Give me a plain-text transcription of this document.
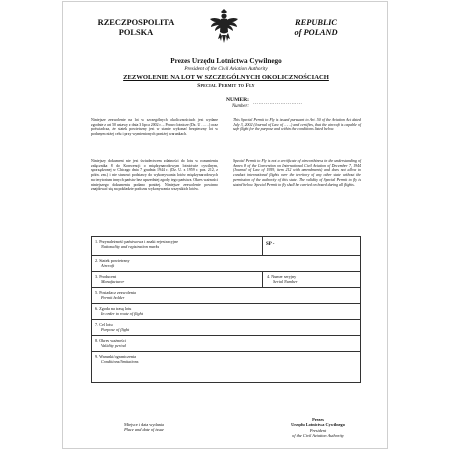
RZECZPOSPOLITA
POLSKA
REPUBLIC
of POLAND
Prezes Urzędu Lotnictwa Cywilnego
President of the Civil Aviation Authority
ZEZWOLENIE NA LOT W SZCZEGÓLNYCH OKOLICZNOŚCIACH
Special Permit to Fly
NUMER:
Number:
………………………
Niniejsze zezwolenie na lot w szczególnych okolicznościach jest wydane zgodnie z art 50 ustawy z dnia 3 lipca 2002 r. – Prawo lotnicze (Dz. U ……) oraz poświadcza, że statek powietrzny jest w stanie wykonać bezpieczny lot w podanym niżej celu i przy wymienionych poniżej warunkach.
This Special Permit to Fly is issued pursuant to Art. 50 of the Aviation Act dated July 3, 2002 (Journal of Law of ……) and certifies, that the aircraft is capable of safe flight for the purpose and within the conditions listed below.
Niniejszy dokument nie jest świadectwem zdatności do lotu w rozumieniu załącznika 8 do Konwencji o międzynarodowym lotnictwie cywilnym, sporządzonej w Chicago dnia 7 grudnia 1944 r. (Dz. U. z 1959 r. poz. 212, z późn. zm.) i nie stanowi podstawy do wykonywania lotów międzynarodowych na terytorium innych państw bez uprzedniej zgody tego państwa. Okres ważności niniejszego dokumentu podano poniżej. Niniejsze zezwolenie powinno znajdować się na pokładzie podczas wykonywania wszystkich lotów.
Special Permit to Fly is not a certificate of airworthiness in the understanding of Annex 8 of the Convention on International Civil Aviation of December 7, 1944 (Journal of Law of 1959, item 212 with amendments) and does not allow to conduct international flights over the territory of any other state without the permission of the authority of this state. The validity of Special Permit to fly is stated below. Special Permit to fly shall be carried on board during all flights.
1. Przynależność państwowa i znaki rejestracyjne
Nationality and registration marks	SP -
2. Statek powietrzny
Aircraft
3. Producent
Manufacturer
4. Numer seryjny
Serial Number
5. Posiadacz zezwolenia
Permit holder
6. Zgoda na trasę lotu
In order to route of flight
7. Cel lotu
Purpose of flight
8. Okres ważności
Validity period
9. Warunki/ograniczenia
Conditions/limitations
Miejsce i data wydania
Place and date of issue
Prezes
Urzędu Lotnictwa Cywilnego
President
of the Civil Aviation Authority
